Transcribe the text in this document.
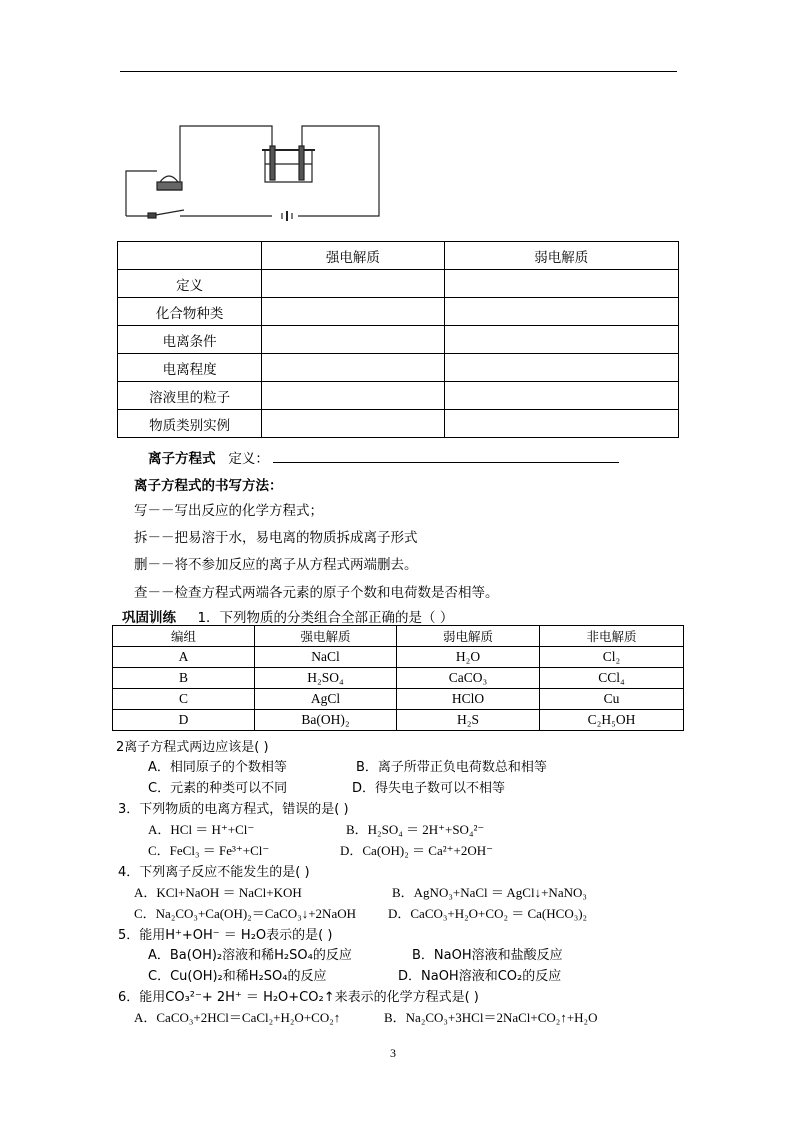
	强电解质	弱电解质
定义		
化合物种类		
电离条件		
电离程度		
溶液里的粒子		
物质类别实例		
离子方程式 定义：
离子方程式的书写方法：
写－－写出反应的化学方程式；
拆－－把易溶于水，易电离的物质拆成离子形式
删－－将不参加反应的离子从方程式两端删去。
查－－检查方程式两端各元素的原子个数和电荷数是否相等。
巩固训练 1．下列物质的分类组合全部正确的是（ ）
编组	强电解质	弱电解质	非电解质
A	NaCl	H₂O	Cl₂
B	H₂SO₄	CaCO₃	CCl₄
C	AgCl	HClO	Cu
D	Ba(OH)₂	H₂S	C₂H₅OH
2离子方程式两边应该是( )
A．相同原子的个数相等	B．离子所带正负电荷数总和相等
C．元素的种类可以不同	D．得失电子数可以不相等
3．下列物质的电离方程式，错误的是( )
A．HCl ＝ H⁺+Cl⁻	B．H₂SO₄ ＝ 2H⁺+SO₄²⁻
C．FeCl₃ ＝ Fe³⁺+Cl⁻	D．Ca(OH)₂ ＝ Ca²⁺+2OH⁻
4．下列离子反应不能发生的是( )
A．KCl+NaOH ＝ NaCl+KOH	B．AgNO₃+NaCl ＝ AgCl↓+NaNO₃
C．Na₂CO₃+Ca(OH)₂＝CaCO₃↓+2NaOH D．CaCO₃+H₂O+CO₂ ＝ Ca(HCO₃)₂
5．能用H⁺+OH⁻ ＝ H₂O表示的是( )
A．Ba(OH)₂溶液和稀H₂SO₄的反应	B．NaOH溶液和盐酸反应
C．Cu(OH)₂和稀H₂SO₄的反应	D．NaOH溶液和CO₂的反应
6．能用CO₃²⁻+ 2H⁺ ＝ H₂O+CO₂↑来表示的化学方程式是( )
A．CaCO₃+2HCl＝CaCl₂+H₂O+CO₂↑	B．Na₂CO₃+3HCl＝2NaCl+CO₂↑+H₂O
3
